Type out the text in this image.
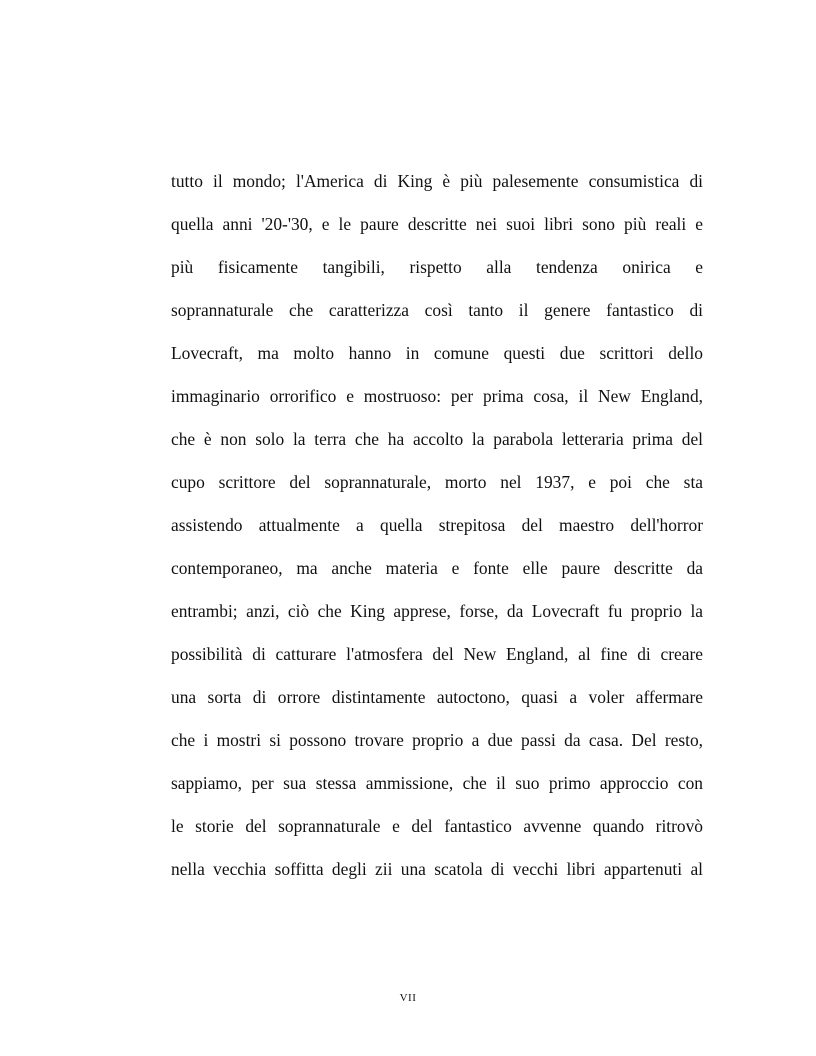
tutto il mondo; l'America di King è più palesemente consumistica di
quella anni '20-'30, e le paure descritte nei suoi libri sono più reali e
più fisicamente tangibili, rispetto alla tendenza onirica e
soprannaturale che caratterizza così tanto il genere fantastico di
Lovecraft, ma molto hanno in comune questi due scrittori dello
immaginario orrorifico e mostruoso: per prima cosa, il New England,
che è non solo la terra che ha accolto la parabola letteraria prima del
cupo scrittore del soprannaturale, morto nel 1937, e poi che sta
assistendo attualmente a quella strepitosa del maestro dell'horror
contemporaneo, ma anche materia e fonte elle paure descritte da
entrambi; anzi, ciò che King apprese, forse, da Lovecraft fu proprio la
possibilità di catturare l'atmosfera del New England, al fine di creare
una sorta di orrore distintamente autoctono, quasi a voler affermare
che i mostri si possono trovare proprio a due passi da casa. Del resto,
sappiamo, per sua stessa ammissione, che il suo primo approccio con
le storie del soprannaturale e del fantastico avvenne quando ritrovò
nella vecchia soffitta degli zii una scatola di vecchi libri appartenuti al
VII
